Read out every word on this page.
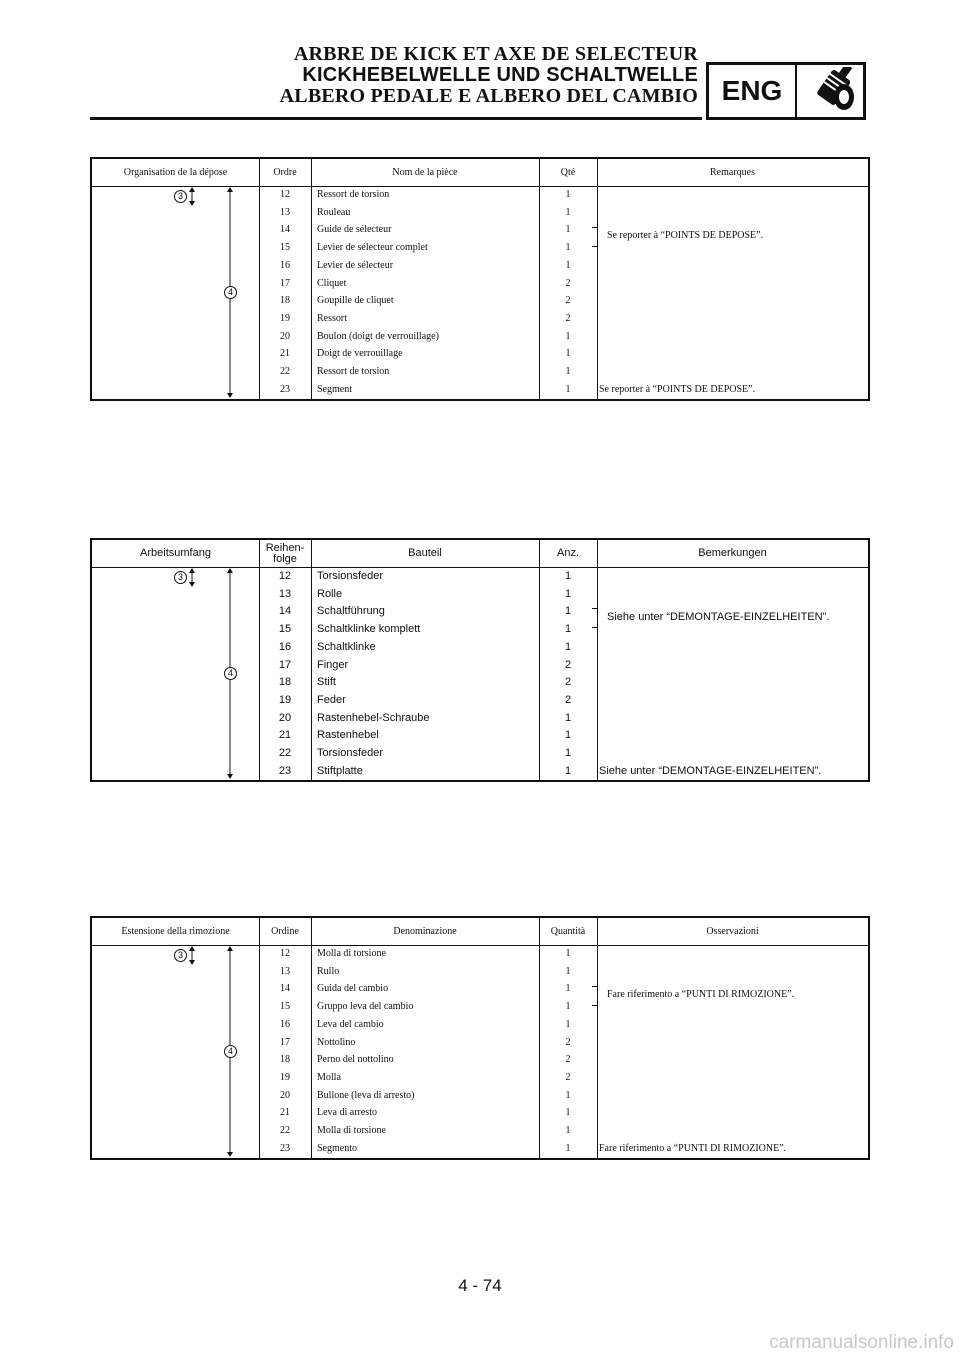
ARBRE DE KICK ET AXE DE SELECTEUR
KICKHEBELWELLE UND SCHALTWELLE
ALBERO PEDALE E ALBERO DEL CAMBIO ENG
Organisation de la dépose	Ordre	Nom de la pièce	Qté	Remarques
3
4
12	Ressort de torsion	1
13	Rouleau	1
14	Guide de sélecteur	1
15	Levier de sélecteur complet	1
16	Levier de sélecteur	1
17	Cliquet	2
18	Goupille de cliquet	2
19	Ressort	2
20	Boulon (doigt de verrouillage)	1
21	Doigt de verrouillage	1
22	Ressort de torsion	1
23	Segment	1
Se reporter à “POINTS DE DEPOSE”.
Se reporter à “POINTS DE DEPOSE”.
Arbeitsumfang	Reihen-
folge	Bauteil	Anz.	Bemerkungen
3
4
12	Torsionsfeder	1
13	Rolle	1
14	Schaltführung	1
15	Schaltklinke komplett	1
16	Schaltklinke	1
17	Finger	2
18	Stift	2
19	Feder	2
20	Rastenhebel-Schraube	1
21	Rastenhebel	1
22	Torsionsfeder	1
23	Stiftplatte	1
Siehe unter “DEMONTAGE-EINZELHEITEN”.
Siehe unter “DEMONTAGE-EINZELHEITEN”.
Estensione della rimozione	Ordine	Denominazione	Quantità	Osservazioni
3
4
12	Molla di torsione	1
13	Rullo	1
14	Guida del cambio	1
15	Gruppo leva del cambio	1
16	Leva del cambio	1
17	Nottolino	2
18	Perno del nottolino	2
19	Molla	2
20	Bullone (leva di arresto)	1
21	Leva di arresto	1
22	Molla di torsione	1
23	Segmento	1
Fare riferimento a “PUNTI DI RIMOZIONE”.
Fare riferimento a “PUNTI DI RIMOZIONE”.
4 - 74
carmanualsonline.info
